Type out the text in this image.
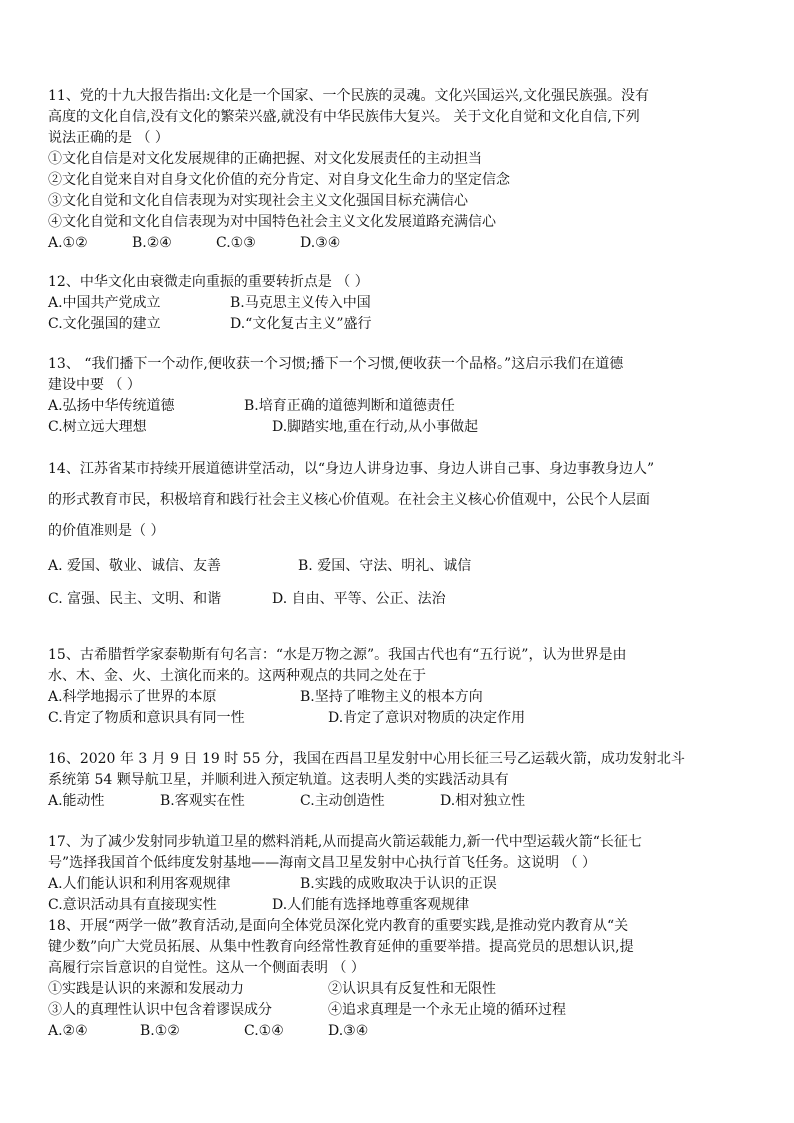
11、党的十九大报告指出:文化是一个国家、一个民族的灵魂。文化兴国运兴,文化强民族强。没有
高度的文化自信,没有文化的繁荣兴盛,就没有中华民族伟大复兴。 关于文化自觉和文化自信,下列
说法正确的是 （ ）
①文化自信是对文化发展规律的正确把握、对文化发展责任的主动担当
②文化自觉来自对自身文化价值的充分肯定、对自身文化生命力的坚定信念
③文化自觉和文化自信表现为对实现社会主义文化强国目标充满信心
④文化自觉和文化自信表现为对中国特色社会主义文化发展道路充满信心
A.①②	B.②④	C.①③	D.③④
12、中华文化由衰微走向重振的重要转折点是 （ ）
A.中国共产党成立	B.马克思主义传入中国
C.文化强国的建立	D.“文化复古主义”盛行
13、 “我们播下一个动作,便收获一个习惯;播下一个习惯,便收获一个品格。”这启示我们在道德
建设中要 （ ）
A.弘扬中华传统道德	B.培育正确的道德判断和道德责任
C.树立远大理想	D.脚踏实地,重在行动,从小事做起
14、江苏省某市持续开展道德讲堂活动，以“身边人讲身边事、身边人讲自己事、身边事教身边人”
的形式教育市民，积极培育和践行社会主义核心价值观。在社会主义核心价值观中，公民个人层面
的价值准则是（ ）
A. 爱国、敬业、诚信、友善	B. 爱国、守法、明礼、诚信
C. 富强、民主、文明、和谐	D. 自由、平等、公正、法治
15、古希腊哲学家泰勒斯有句名言：“水是万物之源”。我国古代也有“五行说”，认为世界是由
水、木、金、火、土演化而来的。这两种观点的共同之处在于
A.科学地揭示了世界的本原	B.坚持了唯物主义的根本方向
C.肯定了物质和意识具有同一性	D.肯定了意识对物质的决定作用
16、2020 年 3 月 9 日 19 时 55 分，我国在西昌卫星发射中心用长征三号乙运载火箭，成功发射北斗
系统第 54 颗导航卫星，并顺利进入预定轨道。这表明人类的实践活动具有
A.能动性	B.客观实在性	C.主动创造性	D.相对独立性
17、为了减少发射同步轨道卫星的燃料消耗,从而提高火箭运载能力,新一代中型运载火箭“长征七
号”选择我国首个低纬度发射基地——海南文昌卫星发射中心执行首飞任务。这说明 （ ）
A.人们能认识和利用客观规律	B.实践的成败取决于认识的正误
C.意识活动具有直接现实性	D.人们能有选择地尊重客观规律
18、开展“两学一做”教育活动,是面向全体党员深化党内教育的重要实践,是推动党内教育从“关
键少数”向广大党员拓展、从集中性教育向经常性教育延伸的重要举措。提高党员的思想认识,提
高履行宗旨意识的自觉性。这从一个侧面表明 （ ）
①实践是认识的来源和发展动力	②认识具有反复性和无限性
③人的真理性认识中包含着谬误成分	④追求真理是一个永无止境的循环过程
A.②④	B.①②	C.①④	D.③④
